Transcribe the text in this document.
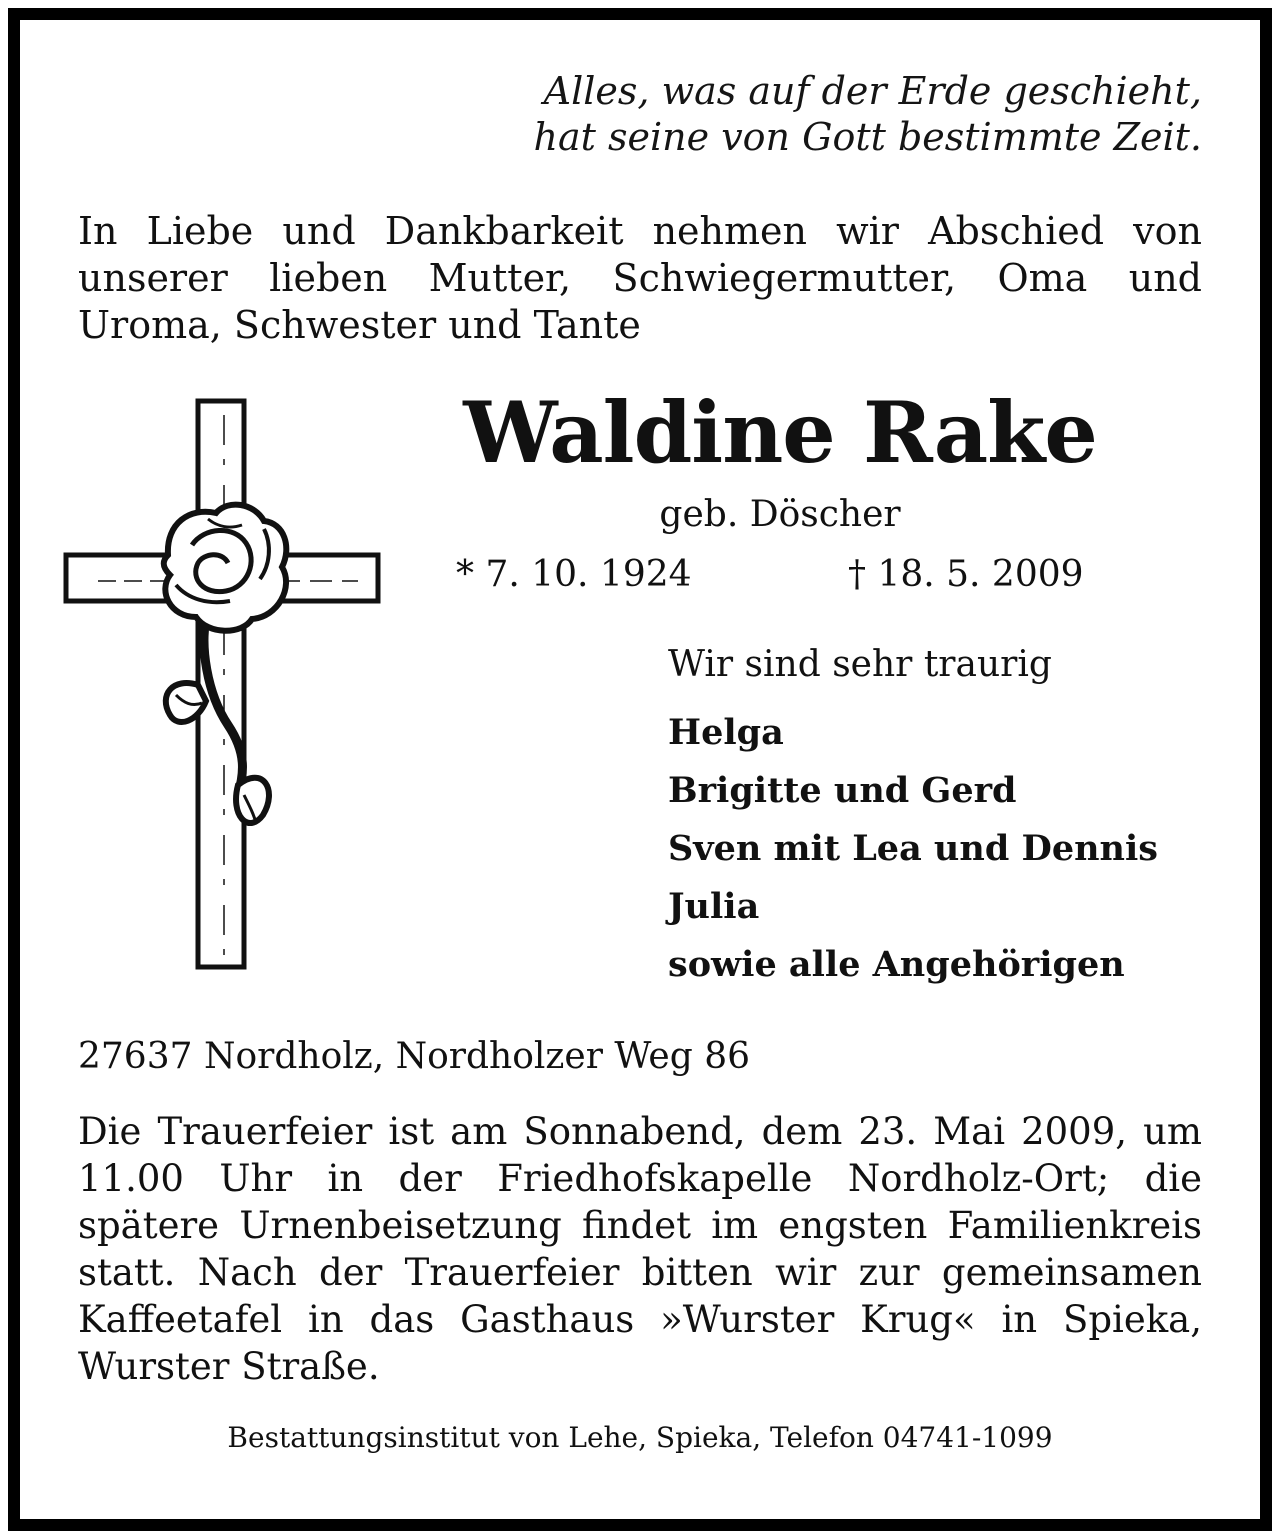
Alles, was auf der Erde geschieht,
hat seine von Gott bestimmte Zeit.
In Liebe und Dankbarkeit nehmen wir Abschied von unserer lieben Mutter, Schwiegermutter, Oma und Uroma, Schwester und Tante
Waldine Rake
geb. Döscher
* 7. 10. 1924	† 18. 5. 2009
Wir sind sehr traurig
Helga
Brigitte und Gerd
Sven mit Lea und Dennis
Julia
sowie alle Angehörigen
27637 Nordholz, Nordholzer Weg 86
Die Trauerfeier ist am Sonnabend, dem 23. Mai 2009, um 11.00 Uhr in der Friedhofskapelle Nordholz-Ort; die spätere Urnenbeisetzung findet im engsten Familienkreis statt. Nach der Trauerfeier bitten wir zur gemeinsamen Kaffeetafel in das Gasthaus »Wurster Krug« in Spieka, Wurster Straße.
Bestattungsinstitut von Lehe, Spieka, Telefon 04741-1099
